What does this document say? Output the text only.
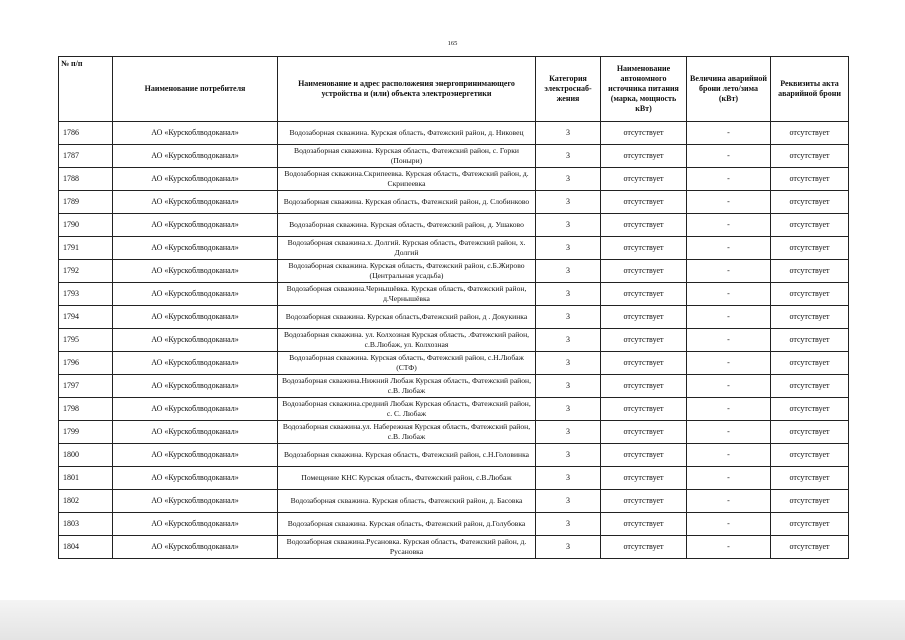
165
№ п/п	Наименование потребителя	Наименование и адрес расположения энергопринимающего устройства и (или) объекта электроэнергетики	Категория электроснаб-жения	Наименование автономного источника питания (марка, мощность кВт)	Величина аварийной брони лето/зима (кВт)	Реквизиты акта аварийной брони
1786	АО «Курскоблводоканал»	Водозаборная скважина. Курская область, Фатежский район, д. Никовец	3	отсутствует	-	отсутствует
1787	АО «Курскоблводоканал»	Водозаборная скважина. Курская область, Фатежский район, с. Горки (Поныри)	3	отсутствует	-	отсутствует
1788	АО «Курскоблводоканал»	Водозаборная скважина.Скрипеевка. Курская область, Фатежский район, д. Скрипеевка	3	отсутствует	-	отсутствует
1789	АО «Курскоблводоканал»	Водозаборная скважина. Курская область, Фатежский район, д. Слобинково	3	отсутствует	-	отсутствует
1790	АО «Курскоблводоканал»	Водозаборная скважина. Курская область, Фатежский район, д. Ушаково	3	отсутствует	-	отсутствует
1791	АО «Курскоблводоканал»	Водозаборная скважина.х. Долгий. Курская область, Фатежский район, х. Долгий	3	отсутствует	-	отсутствует
1792	АО «Курскоблводоканал»	Водозаборная скважина. Курская область, Фатежский район, с.Б.Жирово (Центральная усадьба)	3	отсутствует	-	отсутствует
1793	АО «Курскоблводоканал»	Водозаборная скважина.Чернышёвка. Курская область, Фатежский район, д.Чернышёвка	3	отсутствует	-	отсутствует
1794	АО «Курскоблводоканал»	Водозаборная скважина. Курская область,Фатежский район, д . Докукинка	3	отсутствует	-	отсутствует
1795	АО «Курскоблводоканал»	Водозаборная скважина. ул. Колхозная Курская область, .Фатежский район, с.В.Любаж, ул. Колхозная	3	отсутствует	-	отсутствует
1796	АО «Курскоблводоканал»	Водозаборная скважина. Курская область, Фатежский район, с.Н.Любаж (СТФ)	3	отсутствует	-	отсутствует
1797	АО «Курскоблводоканал»	Водозаборная скважина.Нижний Любаж Курская область, Фатежский район, с.В. Любаж	3	отсутствует	-	отсутствует
1798	АО «Курскоблводоканал»	Водозаборная скважина.средний Любаж Курская область, Фатежский район, с. С. Любаж	3	отсутствует	-	отсутствует
1799	АО «Курскоблводоканал»	Водозаборная скважина.ул. Набережная Курская область, Фатежский район, с.В. Любаж	3	отсутствует	-	отсутствует
1800	АО «Курскоблводоканал»	Водозаборная скважина. Курская область, Фатежский район, с.Н.Головинка	3	отсутствует	-	отсутствует
1801	АО «Курскоблводоканал»	Помещение КНС Курская область, Фатежский район, с.В.Любаж	3	отсутствует	-	отсутствует
1802	АО «Курскоблводоканал»	Водозаборная скважина. Курская область, Фатежский район, д. Басовка	3	отсутствует	-	отсутствует
1803	АО «Курскоблводоканал»	Водозаборная скважина. Курская область, Фатежский район, д.Голубовка	3	отсутствует	-	отсутствует
1804	АО «Курскоблводоканал»	Водозаборная скважина.Русановка. Курская область, Фатежский район, д. Русановка	3	отсутствует	-	отсутствует
